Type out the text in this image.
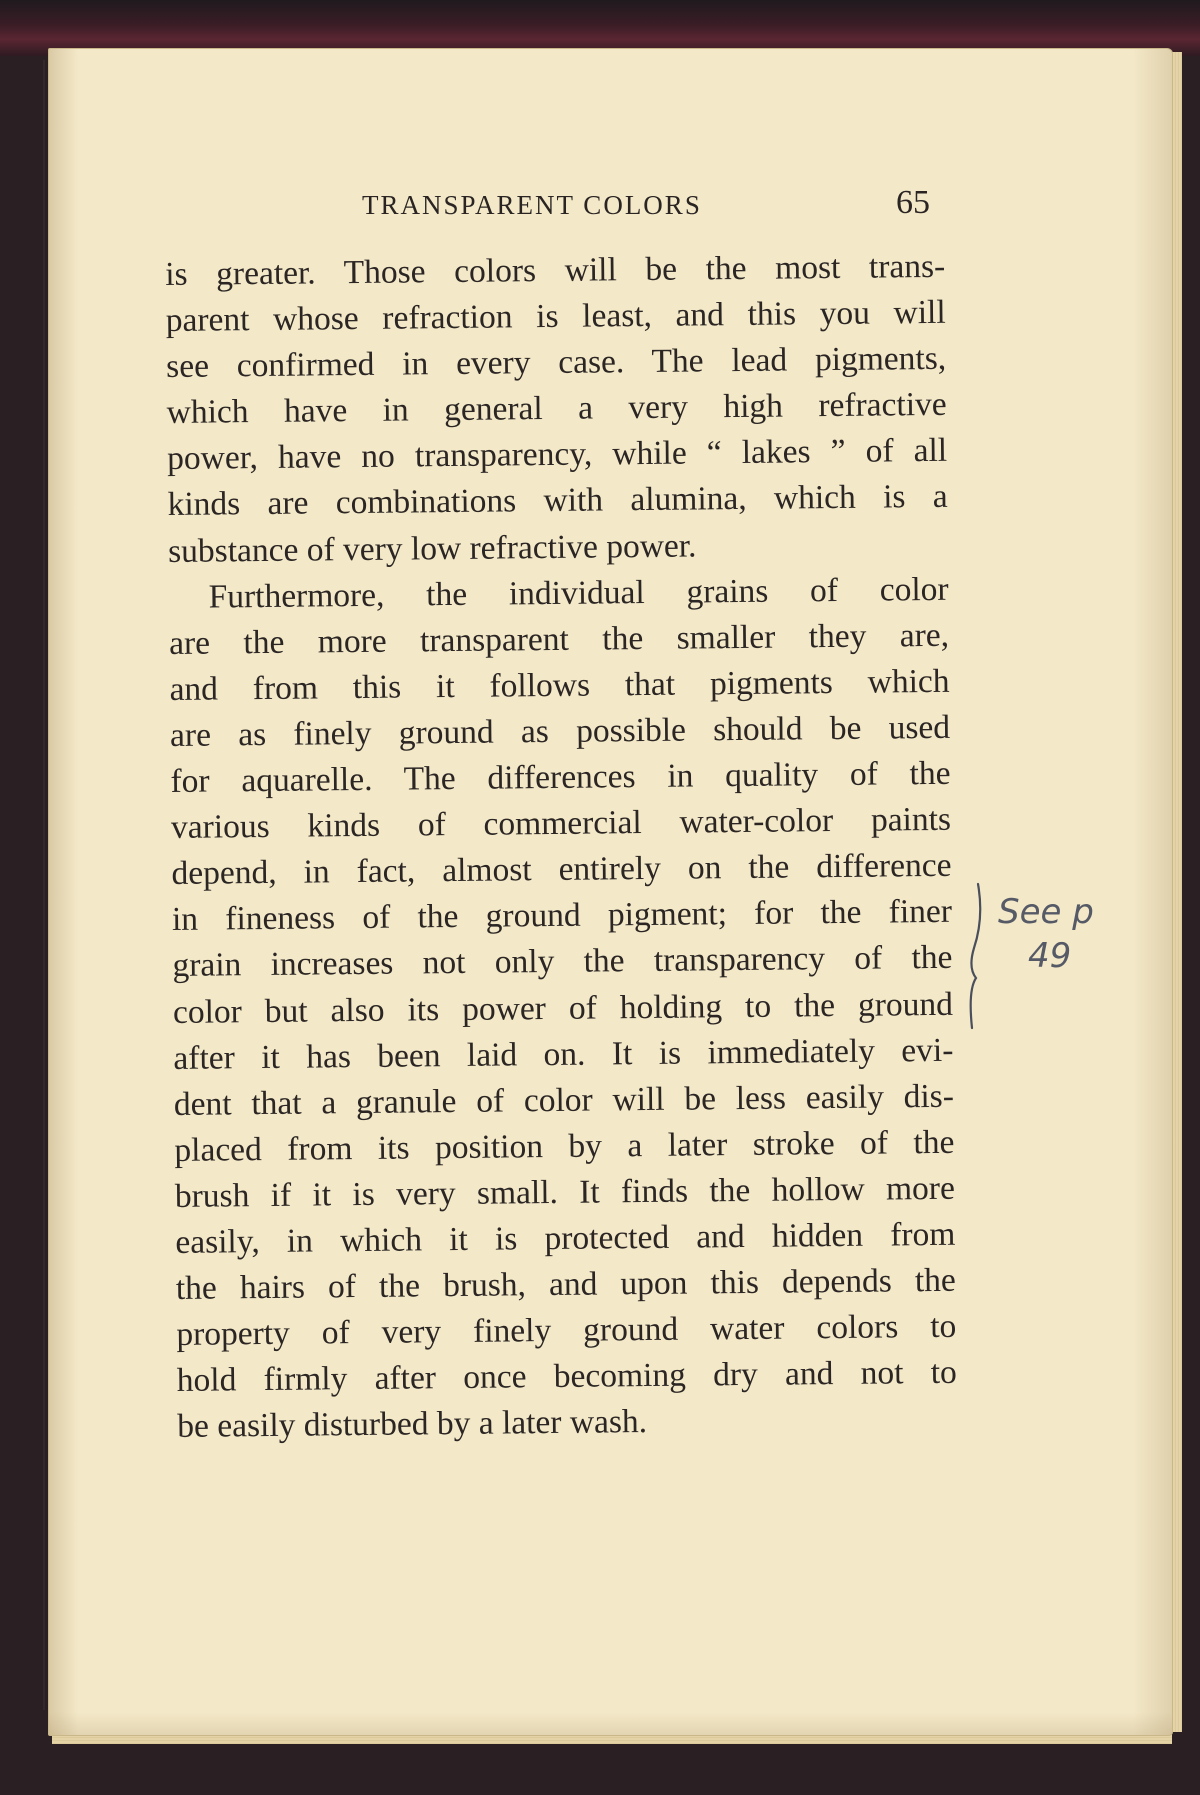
TRANSPARENT COLORS	65
is greater. Those colors will be the most trans-
parent whose refraction is least, and this you will
see confirmed in every case. The lead pigments,
which have in general a very high refractive
power, have no transparency, while “ lakes ” of all
kinds are combinations with alumina, which is a
substance of very low refractive power.
Furthermore, the individual grains of color
are the more transparent the smaller they are,
and from this it follows that pigments which
are as finely ground as possible should be used
for aquarelle. The differences in quality of the
various kinds of commercial water-color paints
depend, in fact, almost entirely on the difference
in fineness of the ground pigment; for the finer
grain increases not only the transparency of the
color but also its power of holding to the ground
after it has been laid on. It is immediately evi-
dent that a granule of color will be less easily dis-
placed from its position by a later stroke of the
brush if it is very small. It finds the hollow more
easily, in which it is protected and hidden from
the hairs of the brush, and upon this depends the
property of very finely ground water colors to
hold firmly after once becoming dry and not to
be easily disturbed by a later wash.
See p
49
